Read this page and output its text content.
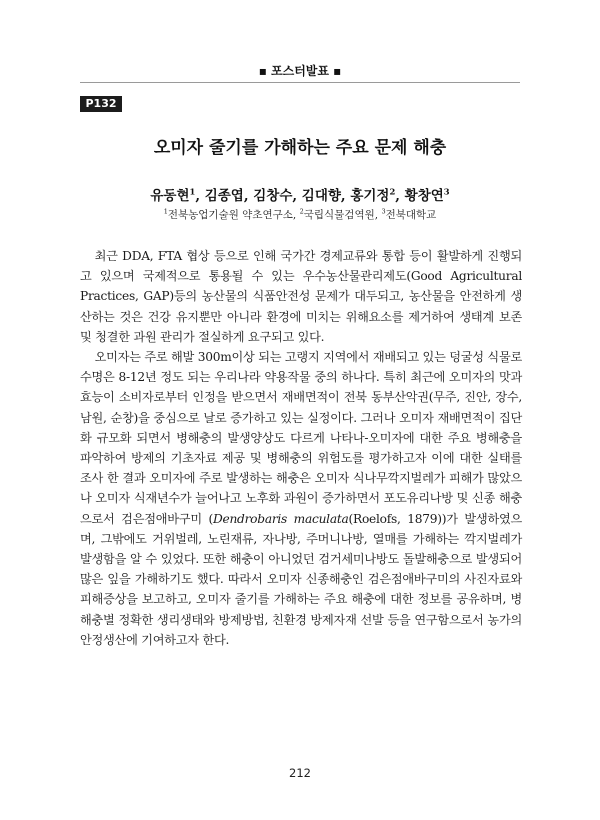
▪ 포스터발표 ▪
P132
오미자 줄기를 가해하는 주요 문제 해충
유동현$^1$, 김종엽, 김창수, 김대향, 홍기정$^2$, 황창연$^3$
$^1$전북농업기술원 약초연구소, $^2$국립식물검역원, $^3$전북대학교

최근 DDA, FTA 협상 등으로 인해 국가간 경제교류와 통합 등이 활발하게 진행되고 있으며 국제적으로 통용될 수 있는 우수농산물관리제도(Good Agricultural Practices, GAP)등의 농산물의 식품안전성 문제가 대두되고, 농산물을 안전하게 생산하는 것은 건강 유지뿐만 아니라 환경에 미치는 위해요소를 제거하여 생태계 보존 및 청결한 과원 관리가 절실하게 요구되고 있다.

오미자는 주로 해발 300m이상 되는 고랭지 지역에서 재배되고 있는 덩굴성 식물로 수명은 8-12년 정도 되는 우리나라 약용작물 중의 하나다. 특히 최근에 오미자의 맛과 효능이 소비자로부터 인정을 받으면서 재배면적이 전북 동부산악권(무주, 진안, 장수, 남원, 순창)을 중심으로 날로 증가하고 있는 실정이다. 그러나 오미자 재배면적이 집단화 규모화 되면서 병해충의 발생양상도 다르게 나타나-오미자에 대한 주요 병해충을 파악하여 방제의 기초자료 제공 및 병해충의 위험도를 평가하고자 이에 대한 실태를 조사 한 결과 오미자에 주로 발생하는 해충은 오미자 식나무깍지벌레가 피해가 많았으나 오미자 식재년수가 늘어나고 노후화 과원이 증가하면서 포도유리나방 및 신종 해충으로서 검은점애바구미 (Dendrobaris maculata(Roelofs, 1879))가 발생하였으며, 그밖에도 거위벌레, 노린재류, 자나방, 주머니나방, 열매를 가해하는 깍지벌레가 발생함을 알 수 있었다. 또한 해충이 아니었던 검거세미나방도 돌발해충으로 발생되어 많은 잎을 가해하기도 했다. 따라서 오미자 신종해충인 검은점애바구미의 사진자료와 피해증상을 보고하고, 오미자 줄기를 가해하는 주요 해충에 대한 정보를 공유하며, 병해충별 정확한 생리생태와 방제방법, 친환경 방제자재 선발 등을 연구함으로서 농가의 안정생산에 기여하고자 한다.

212
